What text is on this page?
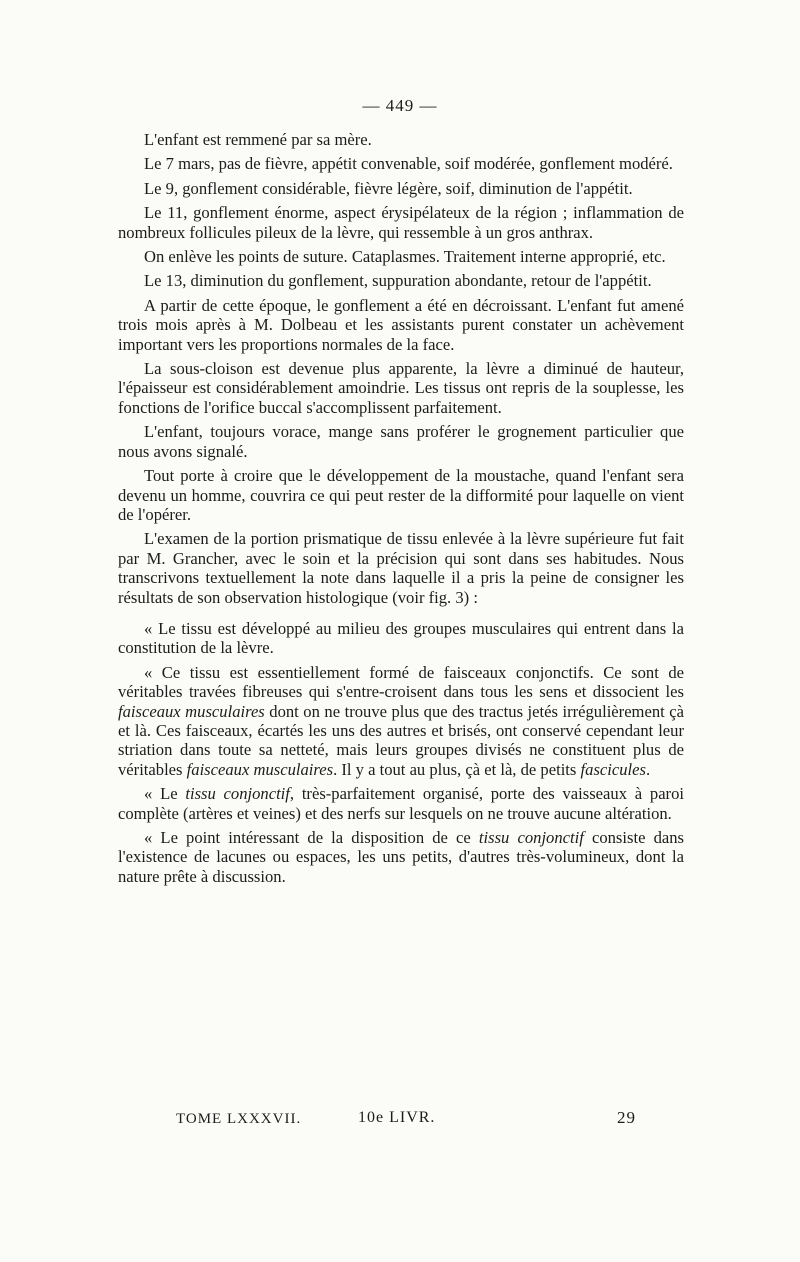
— 449 —

L'enfant est remmené par sa mère.

Le 7 mars, pas de fièvre, appétit convenable, soif modérée, gonflement modéré.

Le 9, gonflement considérable, fièvre légère, soif, diminution de l'appétit.

Le 11, gonflement énorme, aspect érysipélateux de la région ; inflammation de nombreux follicules pileux de la lèvre, qui ressemble à un gros anthrax.

On enlève les points de suture. Cataplasmes. Traitement interne approprié, etc.

Le 13, diminution du gonflement, suppuration abondante, retour de l'appétit.

A partir de cette époque, le gonflement a été en décroissant. L'enfant fut amené trois mois après à M. Dolbeau et les assistants purent constater un achèvement important vers les proportions normales de la face.

La sous-cloison est devenue plus apparente, la lèvre a diminué de hauteur, l'épaisseur est considérablement amoindrie. Les tissus ont repris de la souplesse, les fonctions de l'orifice buccal s'accomplissent parfaitement.

L'enfant, toujours vorace, mange sans proférer le grognement particulier que nous avons signalé.

Tout porte à croire que le développement de la moustache, quand l'enfant sera devenu un homme, couvrira ce qui peut rester de la difformité pour laquelle on vient de l'opérer.

L'examen de la portion prismatique de tissu enlevée à la lèvre supérieure fut fait par M. Grancher, avec le soin et la précision qui sont dans ses habitudes. Nous transcrivons textuellement la note dans laquelle il a pris la peine de consigner les résultats de son observation histologique (voir fig. 3) :

« Le tissu est développé au milieu des groupes musculaires qui entrent dans la constitution de la lèvre.

« Ce tissu est essentiellement formé de faisceaux conjonctifs. Ce sont de véritables travées fibreuses qui s'entre-croisent dans tous les sens et dissocient les faisceaux musculaires dont on ne trouve plus que des tractus jetés irrégulièrement çà et là. Ces faisceaux, écartés les uns des autres et brisés, ont conservé cependant leur striation dans toute sa netteté, mais leurs groupes divisés ne constituent plus de véritables faisceaux musculaires. Il y a tout au plus, çà et là, de petits fascicules.

« Le tissu conjonctif, très-parfaitement organisé, porte des vaisseaux à paroi complète (artères et veines) et des nerfs sur lesquels on ne trouve aucune altération.

« Le point intéressant de la disposition de ce tissu conjonctif consiste dans l'existence de lacunes ou espaces, les uns petits, d'autres très-volumineux, dont la nature prête à discussion.

TOME LXXXVII.	10e LIVR.	29
